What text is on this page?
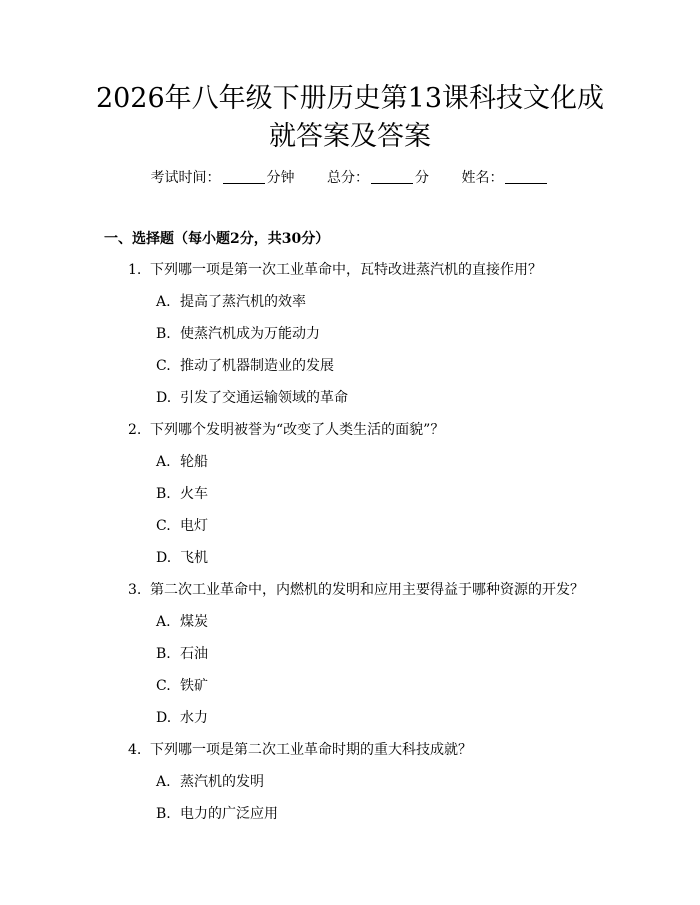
2026年八年级下册历史第13课科技文化成
就答案及答案
考试时间：	分钟 总分：	分 姓名：
一、选择题（每小题2分，共30分）
1. 下列哪一项是第一次工业革命中，瓦特改进蒸汽机的直接作用？
A. 提高了蒸汽机的效率
B. 使蒸汽机成为万能动力
C. 推动了机器制造业的发展
D. 引发了交通运输领域的革命
2. 下列哪个发明被誉为“改变了人类生活的面貌”？
A. 轮船
B. 火车
C. 电灯
D. 飞机
3. 第二次工业革命中，内燃机的发明和应用主要得益于哪种资源的开发？
A. 煤炭
B. 石油
C. 铁矿
D. 水力
4. 下列哪一项是第二次工业革命时期的重大科技成就？
A. 蒸汽机的发明
B. 电力的广泛应用
